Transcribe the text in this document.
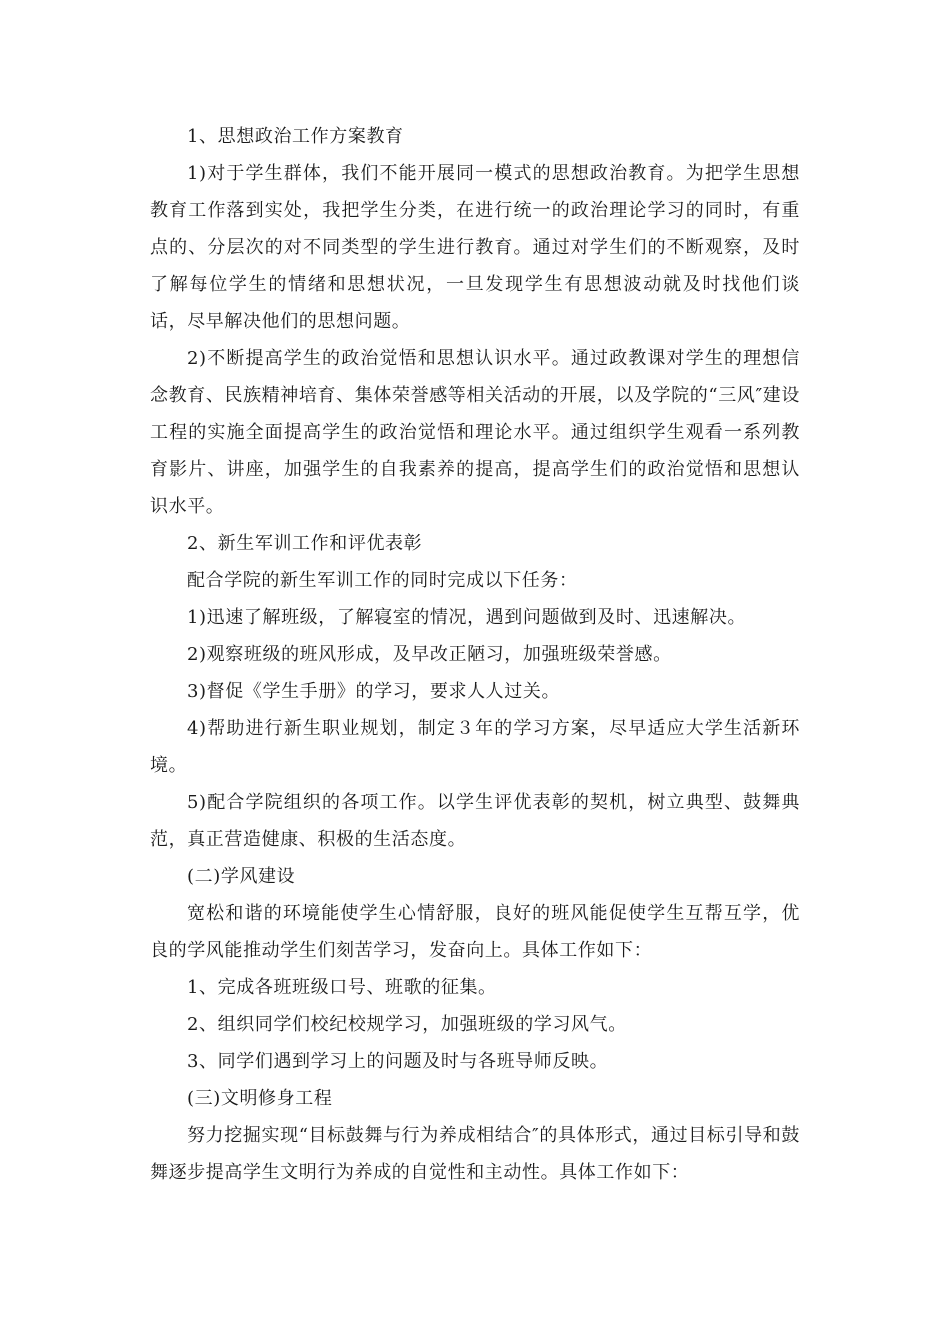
1、思想政治工作方案教育

1)对于学生群体，我们不能开展同一模式的思想政治教育。为把学生思想教育工作落到实处，我把学生分类，在进行统一的政治理论学习的同时，有重点的、分层次的对不同类型的学生进行教育。通过对学生们的不断观察，及时了解每位学生的情绪和思想状况，一旦发现学生有思想波动就及时找他们谈话，尽早解决他们的思想问题。

2)不断提高学生的政治觉悟和思想认识水平。通过政教课对学生的理想信念教育、民族精神培育、集体荣誉感等相关活动的开展，以及学院的“三风″建设工程的实施全面提高学生的政治觉悟和理论水平。通过组织学生观看一系列教育影片、讲座，加强学生的自我素养的提高，提高学生们的政治觉悟和思想认识水平。

2、新生军训工作和评优表彰

配合学院的新生军训工作的同时完成以下任务：

1)迅速了解班级，了解寝室的情况，遇到问题做到及时、迅速解决。

2)观察班级的班风形成，及早改正陋习，加强班级荣誉感。

3)督促《学生手册》的学习，要求人人过关。

4)帮助进行新生职业规划，制定３年的学习方案，尽早适应大学生活新环境。

5)配合学院组织的各项工作。以学生评优表彰的契机，树立典型、鼓舞典范，真正营造健康、积极的生活态度。

(二)学风建设

宽松和谐的环境能使学生心情舒服，良好的班风能促使学生互帮互学，优良的学风能推动学生们刻苦学习，发奋向上。具体工作如下：

1、完成各班班级口号、班歌的征集。

2、组织同学们校纪校规学习，加强班级的学习风气。

3、同学们遇到学习上的问题及时与各班导师反映。

(三)文明修身工程

努力挖掘实现“目标鼓舞与行为养成相结合″的具体形式，通过目标引导和鼓舞逐步提高学生文明行为养成的自觉性和主动性。具体工作如下：
